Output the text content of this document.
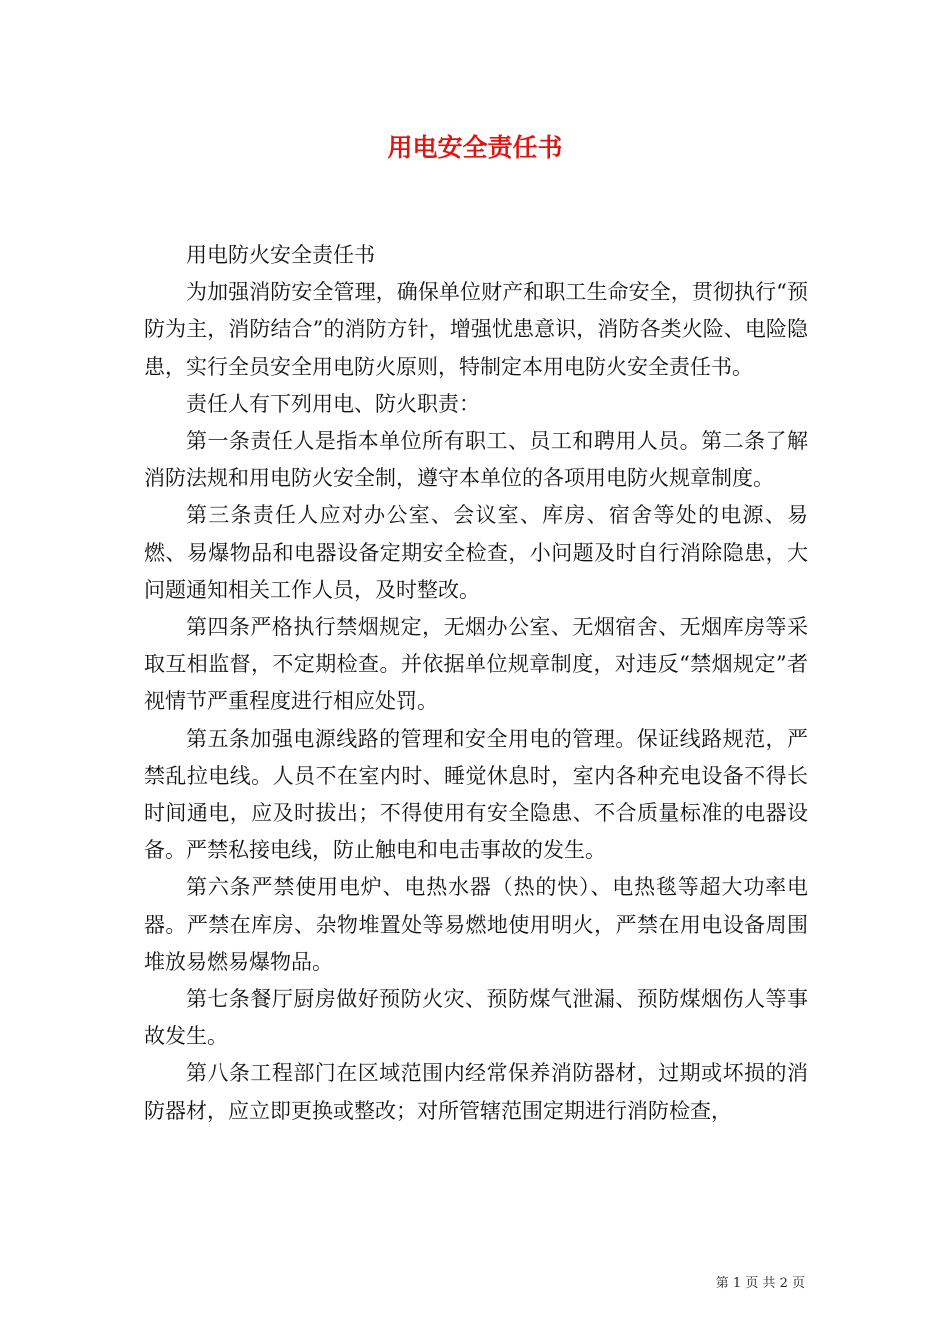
用电安全责任书

用电防火安全责任书

为加强消防安全管理，确保单位财产和职工生命安全，贯彻执行“预防为主，消防结合”的消防方针，增强忧患意识，消防各类火险、电险隐患，实行全员安全用电防火原则，特制定本用电防火安全责任书。

责任人有下列用电、防火职责：

第一条责任人是指本单位所有职工、员工和聘用人员。第二条了解消防法规和用电防火安全制，遵守本单位的各项用电防火规章制度。

第三条责任人应对办公室、会议室、库房、宿舍等处的电源、易燃、易爆物品和电器设备定期安全检查，小问题及时自行消除隐患，大问题通知相关工作人员，及时整改。

第四条严格执行禁烟规定，无烟办公室、无烟宿舍、无烟库房等采取互相监督，不定期检查。并依据单位规章制度，对违反“禁烟规定”者视情节严重程度进行相应处罚。

第五条加强电源线路的管理和安全用电的管理。保证线路规范，严禁乱拉电线。人员不在室内时、睡觉休息时，室内各种充电设备不得长时间通电，应及时拔出；不得使用有安全隐患、不合质量标准的电器设备。严禁私接电线，防止触电和电击事故的发生。

第六条严禁使用电炉、电热水器（热的快）、电热毯等超大功率电器。严禁在库房、杂物堆置处等易燃地使用明火，严禁在用电设备周围堆放易燃易爆物品。

第七条餐厅厨房做好预防火灾、预防煤气泄漏、预防煤烟伤人等事故发生。

第八条工程部门在区域范围内经常保养消防器材，过期或坏损的消防器材，应立即更换或整改；对所管辖范围定期进行消防检查，

第 1 页 共 2 页
